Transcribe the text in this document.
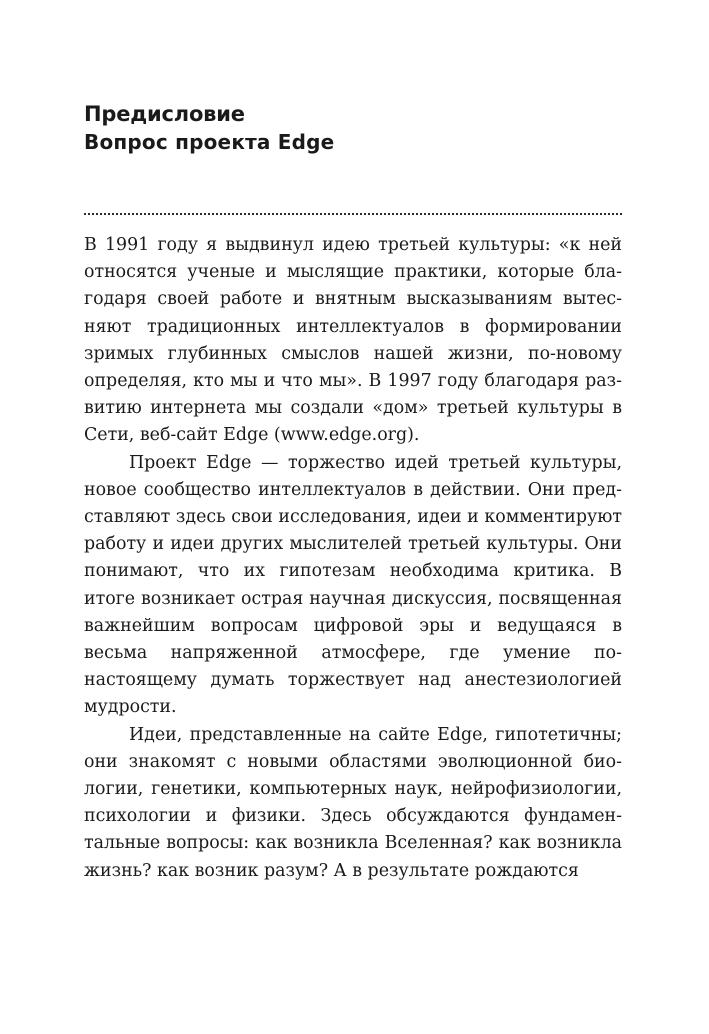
Предисловие
Вопрос проекта Edge

В 1991 году я выдвинул идею третьей культуры: «к ней относятся ученые и мыслящие практики, которые благодаря своей работе и внятным высказываниям вытесняют традиционных интеллектуалов в формировании зримых глубинных смыслов нашей жизни, по-новому определяя, кто мы и что мы». В 1997 году благодаря развитию интернета мы создали «дом» третьей культуры в Сети, веб-сайт Edge (www.edge.org).

Проект Edge — торжество идей третьей культуры, новое сообщество интеллектуалов в действии. Они представляют здесь свои исследования, идеи и комментируют работу и идеи других мыслителей третьей культуры. Они понимают, что их гипотезам необходима критика. В итоге возникает острая научная дискуссия, посвященная важнейшим вопросам цифровой эры и ведущаяся в весьма напряженной атмосфере, где умение по-настоящему думать торжествует над анестезиологией мудрости.

Идеи, представленные на сайте Edge, гипотетичны; они знакомят с новыми областями эволюционной биологии, генетики, компьютерных наук, нейрофизиологии, психологии и физики. Здесь обсуждаются фундаментальные вопросы: как возникла Вселенная? как возникла жизнь? как возник разум? А в результате рождаются
